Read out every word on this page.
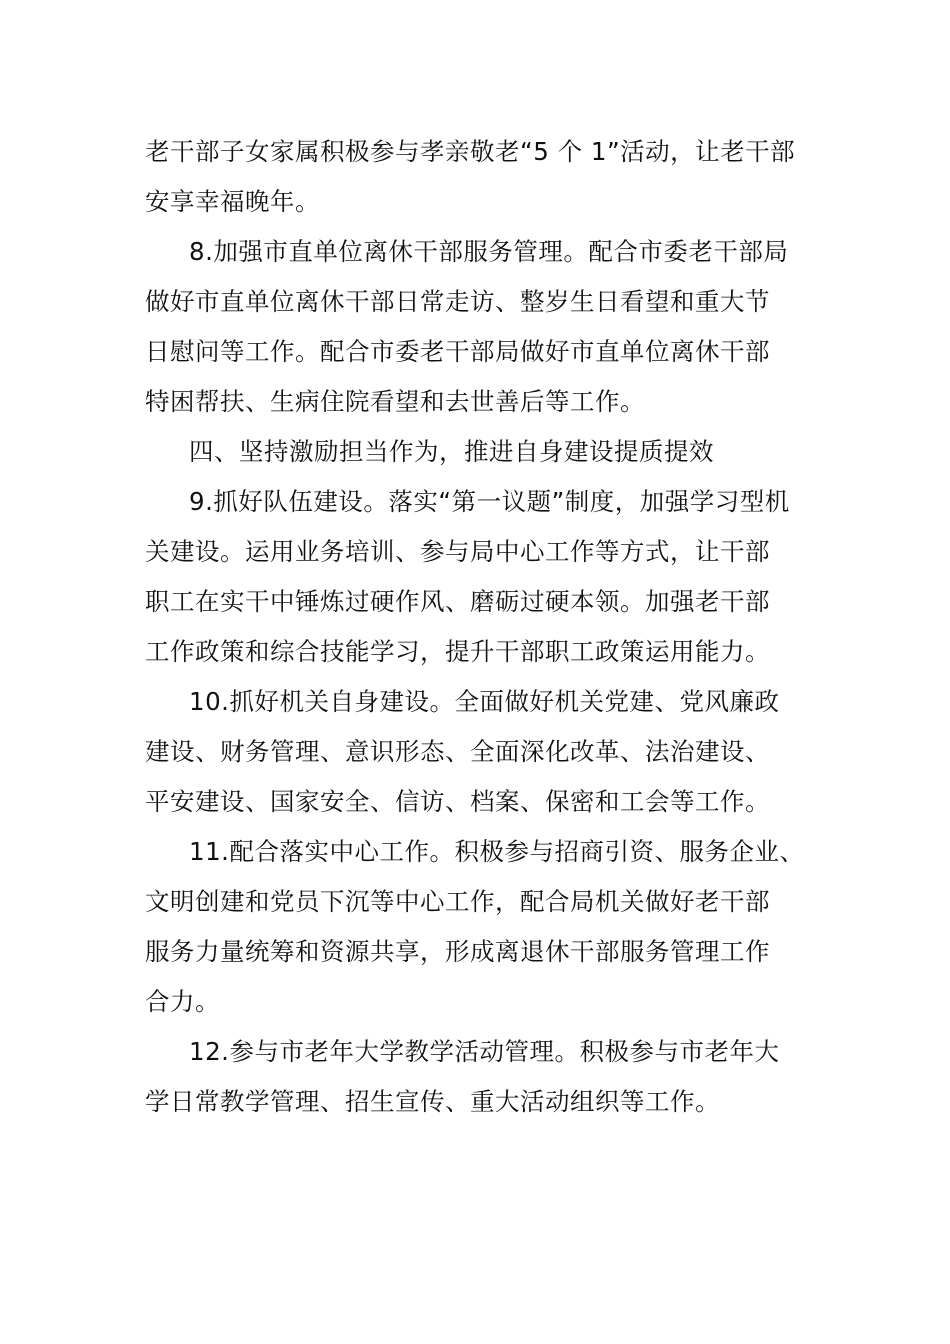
老干部子女家属积极参与孝亲敬老“5 个 1”活动，让老干部
安享幸福晚年。
8.加强市直单位离休干部服务管理。配合市委老干部局
做好市直单位离休干部日常走访、整岁生日看望和重大节
日慰问等工作。配合市委老干部局做好市直单位离休干部
特困帮扶、生病住院看望和去世善后等工作。
四、坚持激励担当作为，推进自身建设提质提效
9.抓好队伍建设。落实“第一议题”制度，加强学习型机
关建设。运用业务培训、参与局中心工作等方式，让干部
职工在实干中锤炼过硬作风、磨砺过硬本领。加强老干部
工作政策和综合技能学习，提升干部职工政策运用能力。
10.抓好机关自身建设。全面做好机关党建、党风廉政
建设、财务管理、意识形态、全面深化改革、法治建设、
平安建设、国家安全、信访、档案、保密和工会等工作。
11.配合落实中心工作。积极参与招商引资、服务企业、
文明创建和党员下沉等中心工作，配合局机关做好老干部
服务力量统筹和资源共享，形成离退休干部服务管理工作
合力。
12.参与市老年大学教学活动管理。积极参与市老年大
学日常教学管理、招生宣传、重大活动组织等工作。
